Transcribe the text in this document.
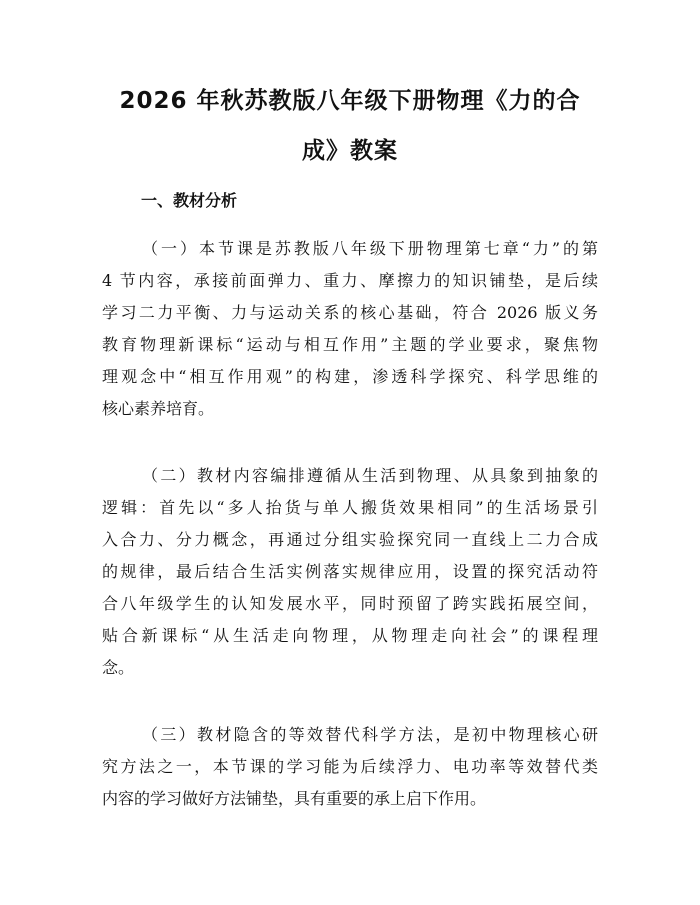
2026 年秋苏教版八年级下册物理《力的合
成》教案
一、教材分析
（一）本节课是苏教版八年级下册物理第七章“力”的第
4 节内容，承接前面弹力、重力、摩擦力的知识铺垫，是后续
学习二力平衡、力与运动关系的核心基础，符合 2026 版义务
教育物理新课标“运动与相互作用”主题的学业要求，聚焦物
理观念中“相互作用观”的构建，渗透科学探究、科学思维的
核心素养培育。
（二）教材内容编排遵循从生活到物理、从具象到抽象的
逻辑：首先以“多人抬货与单人搬货效果相同”的生活场景引
入合力、分力概念，再通过分组实验探究同一直线上二力合成
的规律，最后结合生活实例落实规律应用，设置的探究活动符
合八年级学生的认知发展水平，同时预留了跨实践拓展空间，
贴合新课标“从生活走向物理，从物理走向社会”的课程理
念。
（三）教材隐含的等效替代科学方法，是初中物理核心研
究方法之一，本节课的学习能为后续浮力、电功率等效替代类
内容的学习做好方法铺垫，具有重要的承上启下作用。
